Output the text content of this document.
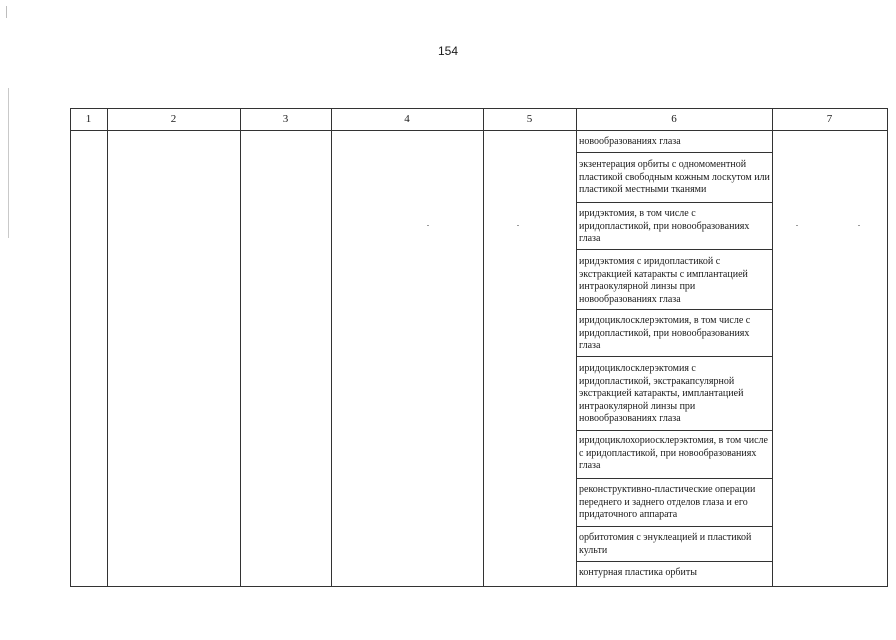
154
1	2	3	4	5	6	7
новообразованиях глаза
экзентерация орбиты с одномоментной пластикой свободным кожным лоскутом или пластикой местными тканями
иридэктомия, в том числе с иридопластикой, при новообразованиях глаза
иридэктомия с иридопластикой с экстракцией катаракты с имплантацией интраокулярной линзы при новообразованиях глаза
иридоциклосклерэктомия, в том числе с иридопластикой, при новообразованиях глаза
иридоциклосклерэктомия с иридопластикой, экстракапсулярной экстракцией катаракты, имплантацией интраокулярной линзы при новообразованиях глаза
иридоциклохориосклерэктомия, в том числе с иридопластикой, при новообразованиях глаза
реконструктивно-пластические операции переднего и заднего отделов глаза и его придаточного аппарата
орбитотомия с энуклеацией и пластикой культи
контурная пластика орбиты
